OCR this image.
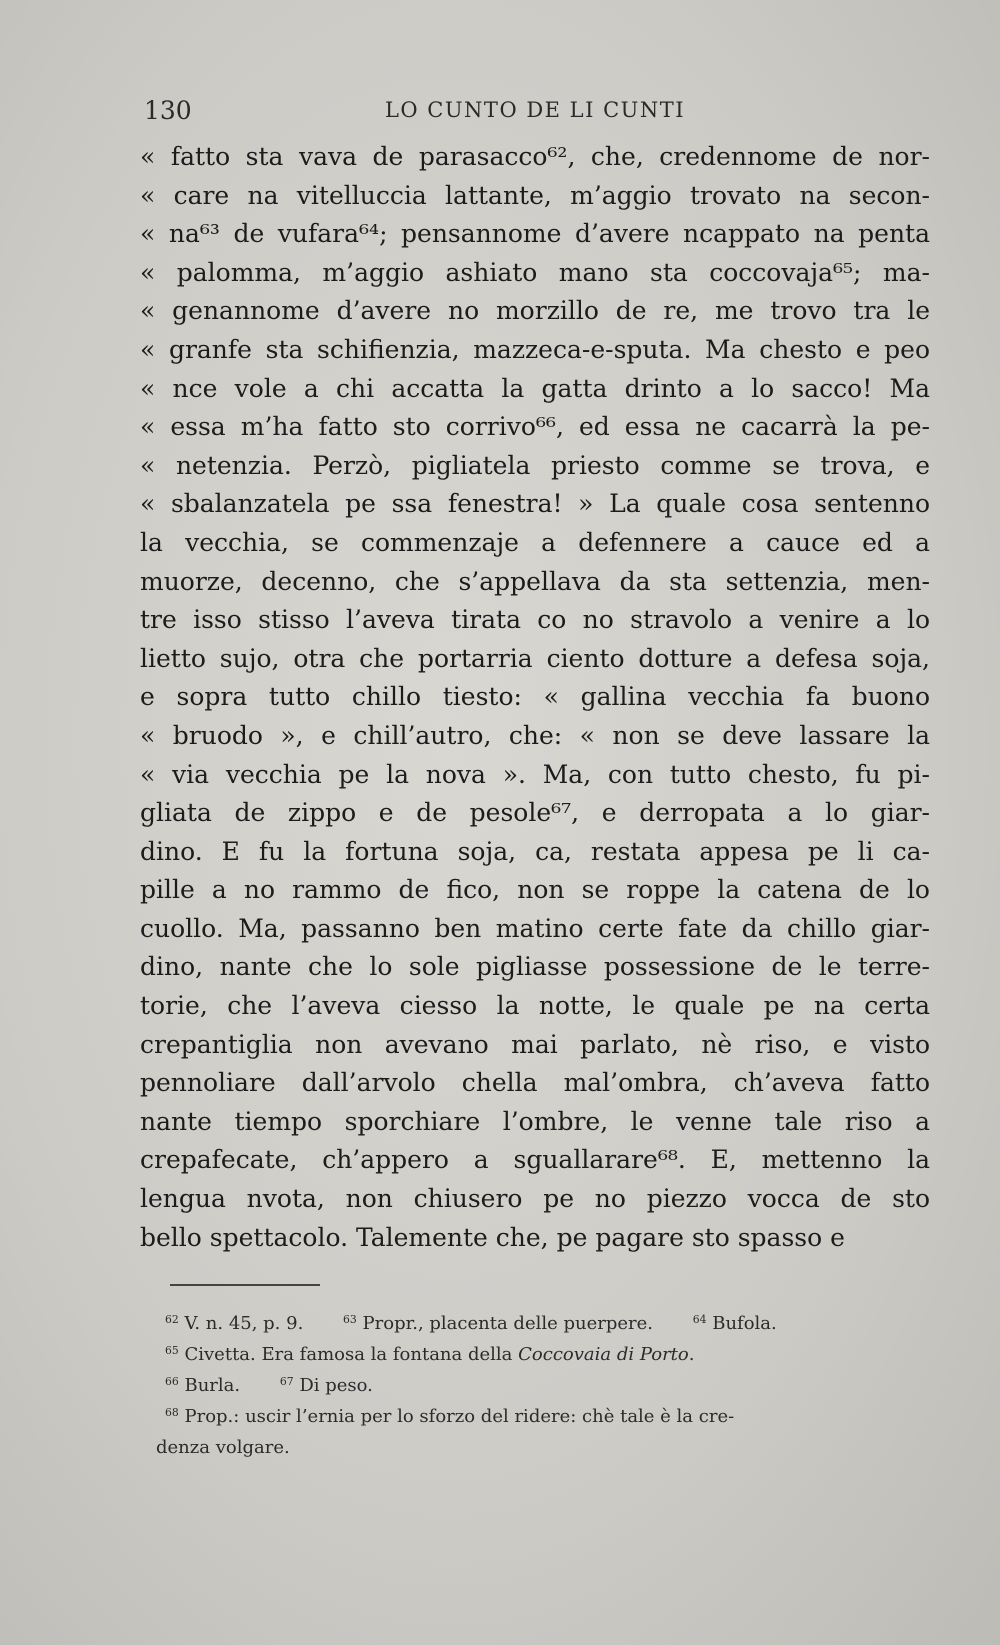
130	LO CUNTO DE LI CUNTI
« fatto sta vava de parasacco⁶², che, credennome de nor-
« care na vitelluccia lattante, m’aggio trovato na secon-
« na⁶³ de vufara⁶⁴; pensannome d’avere ncappato na penta
« palomma, m’aggio ashiato mano sta coccovaja⁶⁵; ma-
« genannome d’avere no morzillo de re, me trovo tra le
« granfe sta schifienzia, mazzeca-e-sputa. Ma chesto e peo
« nce vole a chi accatta la gatta drinto a lo sacco! Ma
« essa m’ha fatto sto corrivo⁶⁶, ed essa ne cacarrà la pe-
« netenzia. Perzò, pigliatela priesto comme se trova, e
« sbalanzatela pe ssa fenestra! » La quale cosa sentenno
la vecchia, se commenzaje a defennere a cauce ed a
muorze, decenno, che s’appellava da sta settenzia, men-
tre isso stisso l’aveva tirata co no stravolo a venire a lo
lietto sujo, otra che portarria ciento dotture a defesa soja,
e sopra tutto chillo tiesto: « gallina vecchia fa buono
« bruodo », e chill’autro, che: « non se deve lassare la
« via vecchia pe la nova ». Ma, con tutto chesto, fu pi-
gliata de zippo e de pesole⁶⁷, e derropata a lo giar-
dino. E fu la fortuna soja, ca, restata appesa pe li ca-
pille a no rammo de fico, non se roppe la catena de lo
cuollo. Ma, passanno ben matino certe fate da chillo giar-
dino, nante che lo sole pigliasse possessione de le terre-
torie, che l’aveva ciesso la notte, le quale pe na certa
crepantiglia non avevano mai parlato, nè riso, e visto
pennoliare dall’arvolo chella mal’ombra, ch’aveva fatto
nante tiempo sporchiare l’ombre, le venne tale riso a
crepafecate, ch’appero a sguallarare⁶⁸. E, mettenno la
lengua nvota, non chiusero pe no piezzo vocca de sto
bello spettacolo. Talemente che, pe pagare sto spasso e
$^{62}$ V. n. 45, p. 9.	$^{63}$ Propr., placenta delle puerpere.	$^{64}$ Bufola.
$^{65}$ Civetta. Era famosa la fontana della Coccovaia di Porto.
$^{66}$ Burla.	$^{67}$ Di peso.
$^{68}$ Prop.: uscir l’ernia per lo sforzo del ridere: chè tale è la cre-
denza volgare.
